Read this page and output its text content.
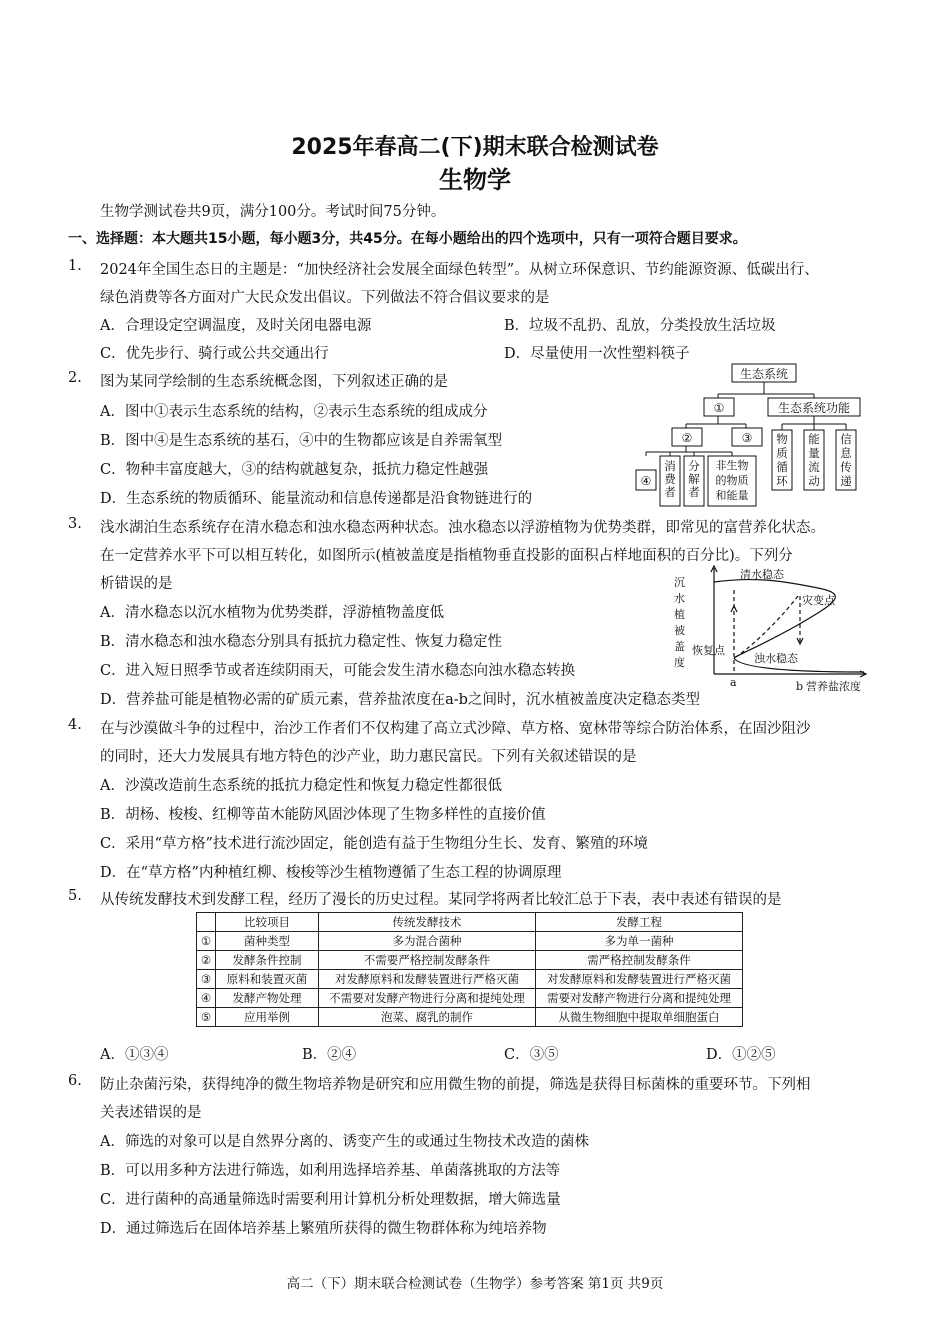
2025年春高二(下)期末联合检测试卷
生物学
生物学测试卷共9页，满分100分。考试时间75分钟。
一、选择题：本大题共15小题，每小题3分，共45分。在每小题给出的四个选项中，只有一项符合题目要求。
1. 2024年全国生态日的主题是：“加快经济社会发展全面绿色转型”。从树立环保意识、节约能源资源、低碳出行、
绿色消费等各方面对广大民众发出倡议。下列做法不符合倡议要求的是
A．合理设定空调温度，及时关闭电器电源	B．垃圾不乱扔、乱放，分类投放生活垃圾
C．优先步行、骑行或公共交通出行	D．尽量使用一次性塑料筷子
2. 图为某同学绘制的生态系统概念图，下列叙述正确的是
A．图中①表示生态系统的结构，②表示生态系统的组成成分
B．图中④是生态系统的基石，④中的生物都应该是自养需氧型
C．物种丰富度越大，③的结构就越复杂，抵抗力稳定性越强
D．生态系统的物质循环、能量流动和信息传递都是沿食物链进行的
生态系统
①	生态系统功能
②	③
④
非生物
的物质
和能量
消费者
分解者
物质循环
能量流动
信息传递
3. 浅水湖泊生态系统存在清水稳态和浊水稳态两种状态。浊水稳态以浮游植物为优势类群，即常见的富营养化状态。
在一定营养水平下可以相互转化，如图所示(植被盖度是指植物垂直投影的面积占样地面积的百分比)。下列分
析错误的是
A．清水稳态以沉水植物为优势类群，浮游植物盖度低
B．清水稳态和浊水稳态分别具有抵抗力稳定性、恢复力稳定性
C．进入短日照季节或者连续阴雨天，可能会发生清水稳态向浊水稳态转换
D．营养盐可能是植物必需的矿质元素，营养盐浓度在a-b之间时，沉水植被盖度决定稳态类型
沉
水
植
被
盖
度
清水稳态
灾变点
恢复点
浊水稳态
a	b 营养盐浓度
4. 在与沙漠做斗争的过程中，治沙工作者们不仅构建了高立式沙障、草方格、宽林带等综合防治体系，在固沙阻沙
的同时，还大力发展具有地方特色的沙产业，助力惠民富民。下列有关叙述错误的是
A．沙漠改造前生态系统的抵抗力稳定性和恢复力稳定性都很低
B．胡杨、梭梭、红柳等苗木能防风固沙体现了生物多样性的直接价值
C．采用“草方格”技术进行流沙固定，能创造有益于生物组分生长、发育、繁殖的环境
D．在“草方格”内种植红柳、梭梭等沙生植物遵循了生态工程的协调原理
5. 从传统发酵技术到发酵工程，经历了漫长的历史过程。某同学将两者比较汇总于下表，表中表述有错误的是
	比较项目	传统发酵技术	发酵工程
①	菌种类型	多为混合菌种	多为单一菌种
②	发酵条件控制	不需要严格控制发酵条件	需严格控制发酵条件
③	原料和装置灭菌	对发酵原料和发酵装置进行严格灭菌	对发酵原料和发酵装置进行严格灭菌
④	发酵产物处理	不需要对发酵产物进行分离和提纯处理	需要对发酵产物进行分离和提纯处理
⑤	应用举例	泡菜、腐乳的制作	从微生物细胞中提取单细胞蛋白
A．①③④	B．②④	C．③⑤	D．①②⑤
6. 防止杂菌污染，获得纯净的微生物培养物是研究和应用微生物的前提，筛选是获得目标菌株的重要环节。下列相
关表述错误的是
A．筛选的对象可以是自然界分离的、诱变产生的或通过生物技术改造的菌株
B．可以用多种方法进行筛选，如利用选择培养基、单菌落挑取的方法等
C．进行菌种的高通量筛选时需要利用计算机分析处理数据，增大筛选量
D．通过筛选后在固体培养基上繁殖所获得的微生物群体称为纯培养物
高二（下）期末联合检测试卷（生物学）参考答案 第1页 共9页
